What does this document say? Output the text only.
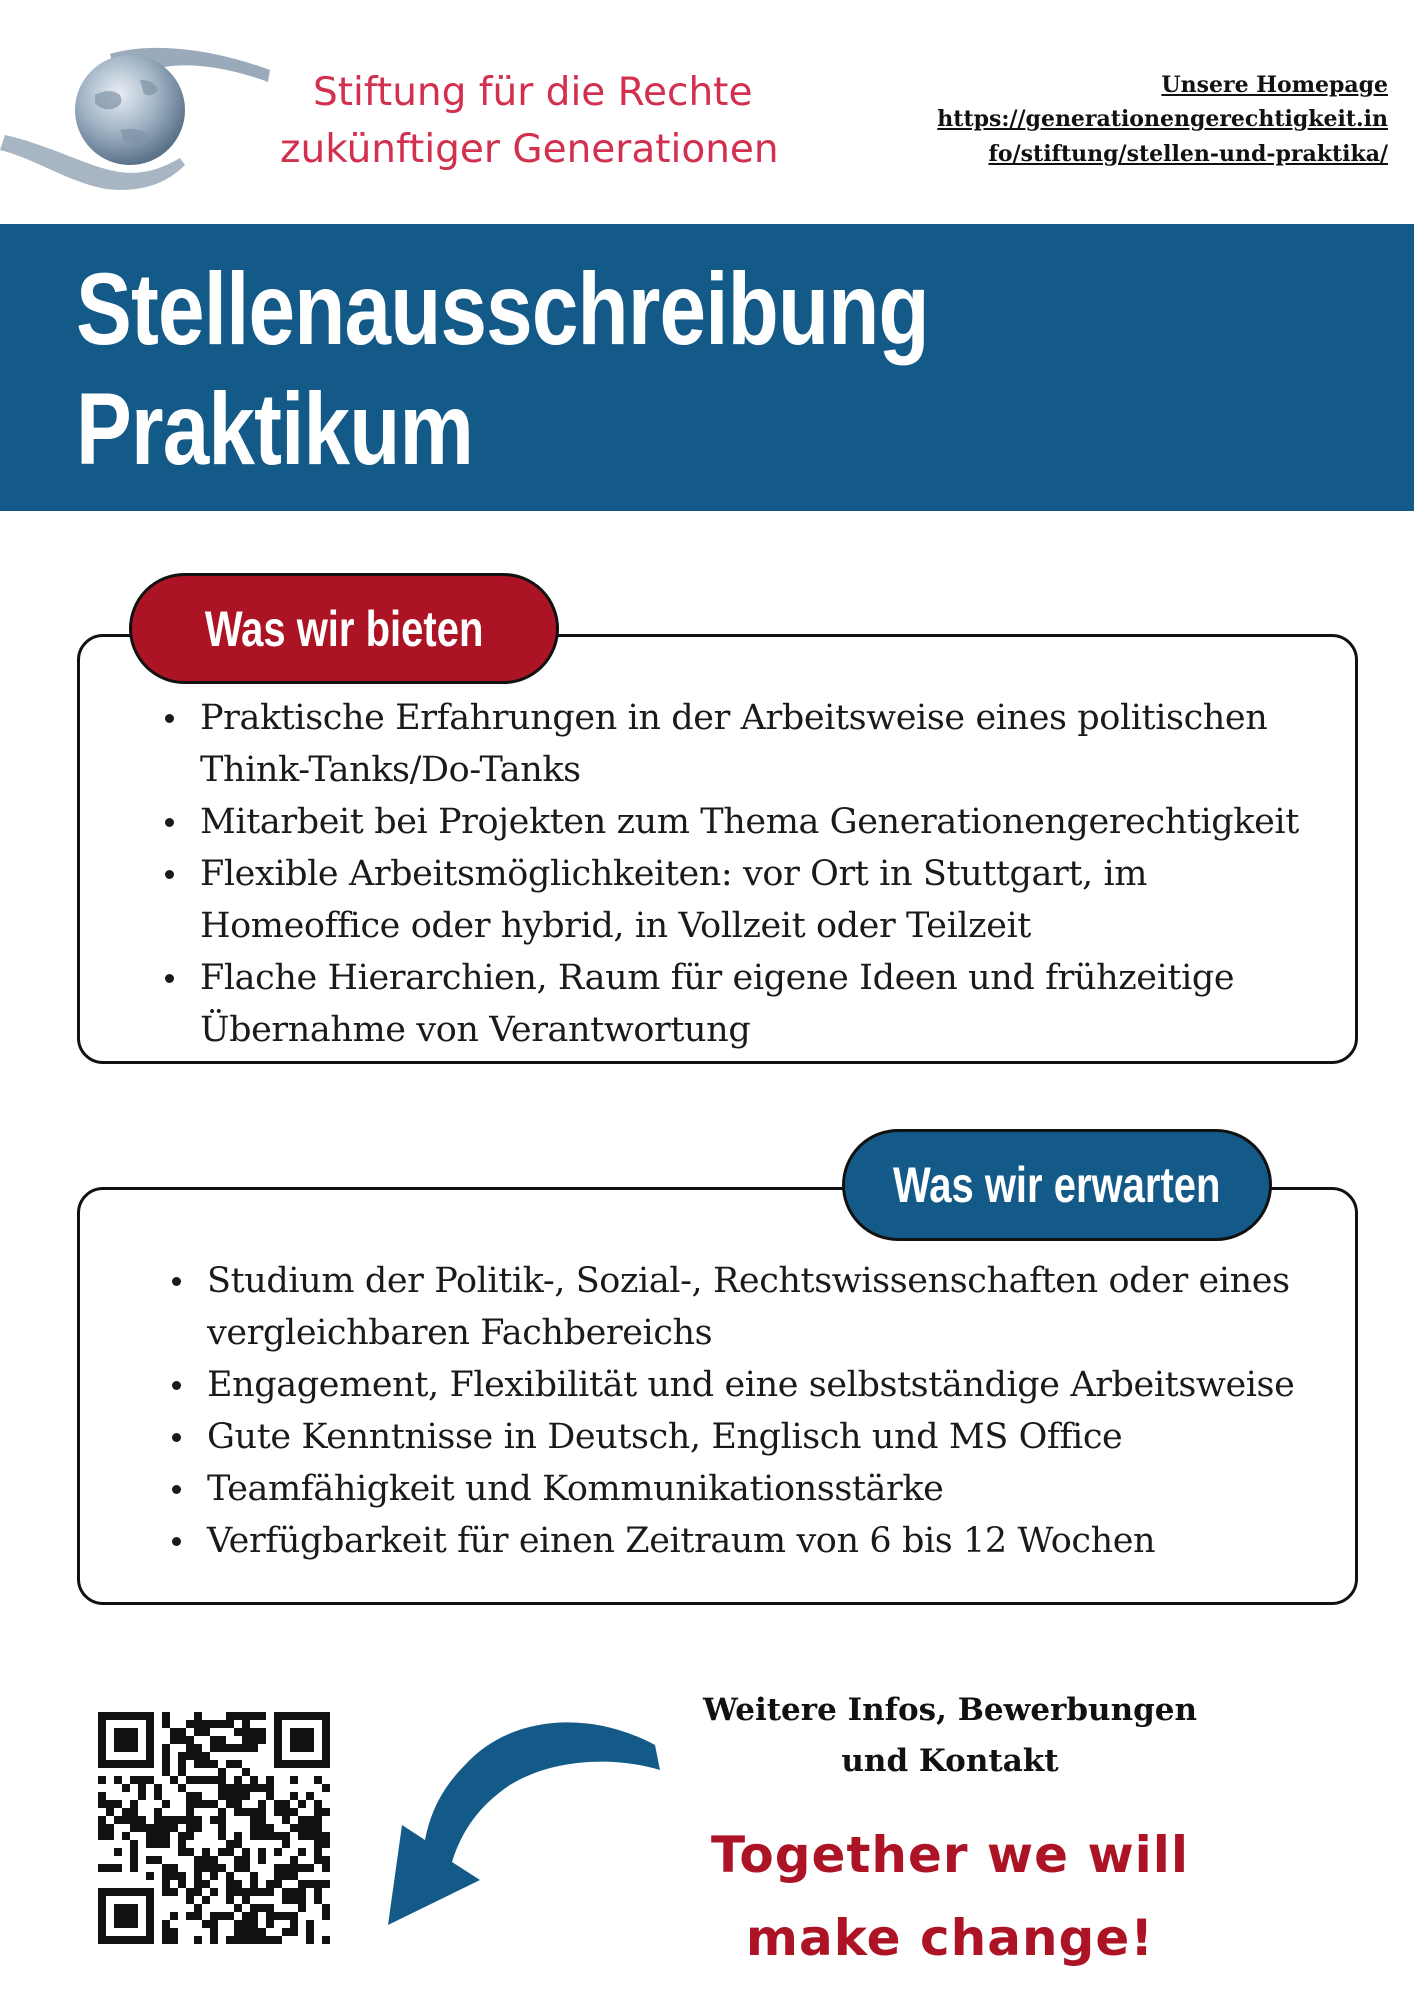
Stiftung für die Rechte
zukünftiger Generationen
Unsere Homepage
https://generationengerechtigkeit.in
fo/stiftung/stellen-und-praktika/
Stellenausschreibung
Praktikum
Was wir bieten
Praktische Erfahrungen in der Arbeitsweise eines politischen Think-Tanks/Do-Tanks
Mitarbeit bei Projekten zum Thema Generationengerechtigkeit
Flexible Arbeitsmöglichkeiten: vor Ort in Stuttgart, im Homeoffice oder hybrid, in Vollzeit oder Teilzeit
Flache Hierarchien, Raum für eigene Ideen und frühzeitige Übernahme von Verantwortung
Was wir erwarten
Studium der Politik-, Sozial-, Rechtswissenschaften oder eines vergleichbaren Fachbereichs
Engagement, Flexibilität und eine selbstständige Arbeitsweise
Gute Kenntnisse in Deutsch, Englisch und MS Office
Teamfähigkeit und Kommunikationsstärke
Verfügbarkeit für einen Zeitraum von 6 bis 12 Wochen
Weitere Infos, Bewerbungen
und Kontakt
Together we will
make change!
